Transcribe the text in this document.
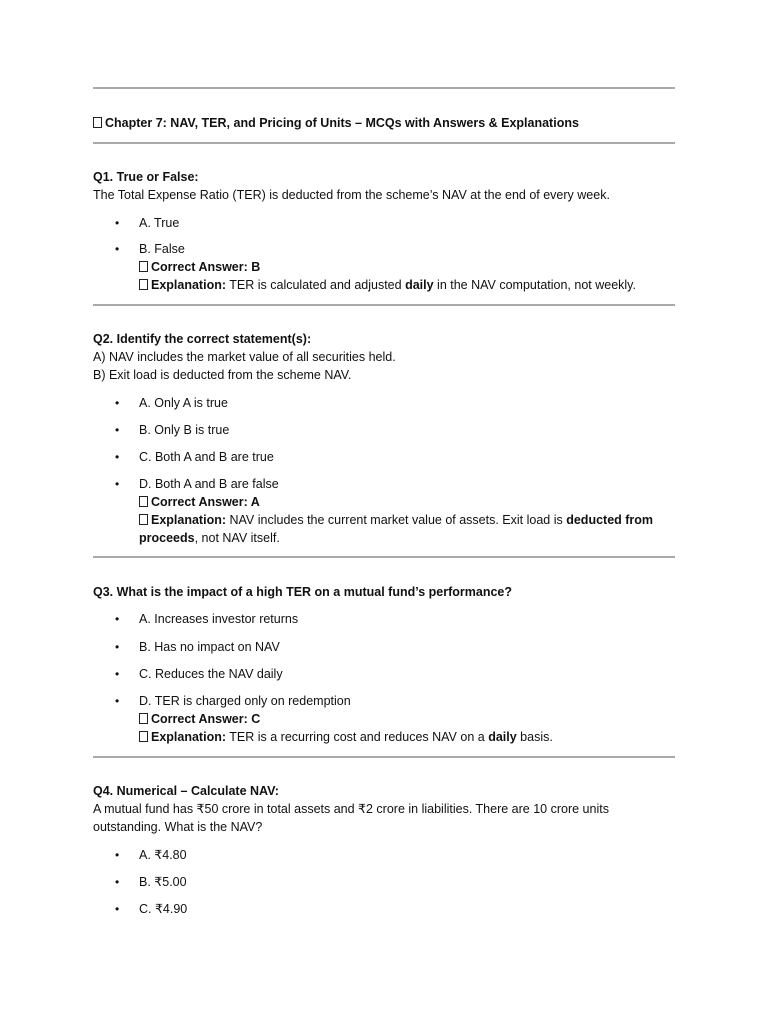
Chapter 7: NAV, TER, and Pricing of Units – MCQs with Answers & Explanations
Q1. True or False:
The Total Expense Ratio (TER) is deducted from the scheme’s NAV at the end of every week.
• A. True
• B. False
Correct Answer: B
Explanation: TER is calculated and adjusted daily in the NAV computation, not weekly.
Q2. Identify the correct statement(s):
A) NAV includes the market value of all securities held.
B) Exit load is deducted from the scheme NAV.
• A. Only A is true
• B. Only B is true
• C. Both A and B are true
• D. Both A and B are false
Correct Answer: A
Explanation: NAV includes the current market value of assets. Exit load is deducted from
proceeds, not NAV itself.
Q3. What is the impact of a high TER on a mutual fund’s performance?
• A. Increases investor returns
• B. Has no impact on NAV
• C. Reduces the NAV daily
• D. TER is charged only on redemption
Correct Answer: C
Explanation: TER is a recurring cost and reduces NAV on a daily basis.
Q4. Numerical – Calculate NAV:
A mutual fund has ₹50 crore in total assets and ₹2 crore in liabilities. There are 10 crore units
outstanding. What is the NAV?
• A. ₹4.80
• B. ₹5.00
• C. ₹4.90
